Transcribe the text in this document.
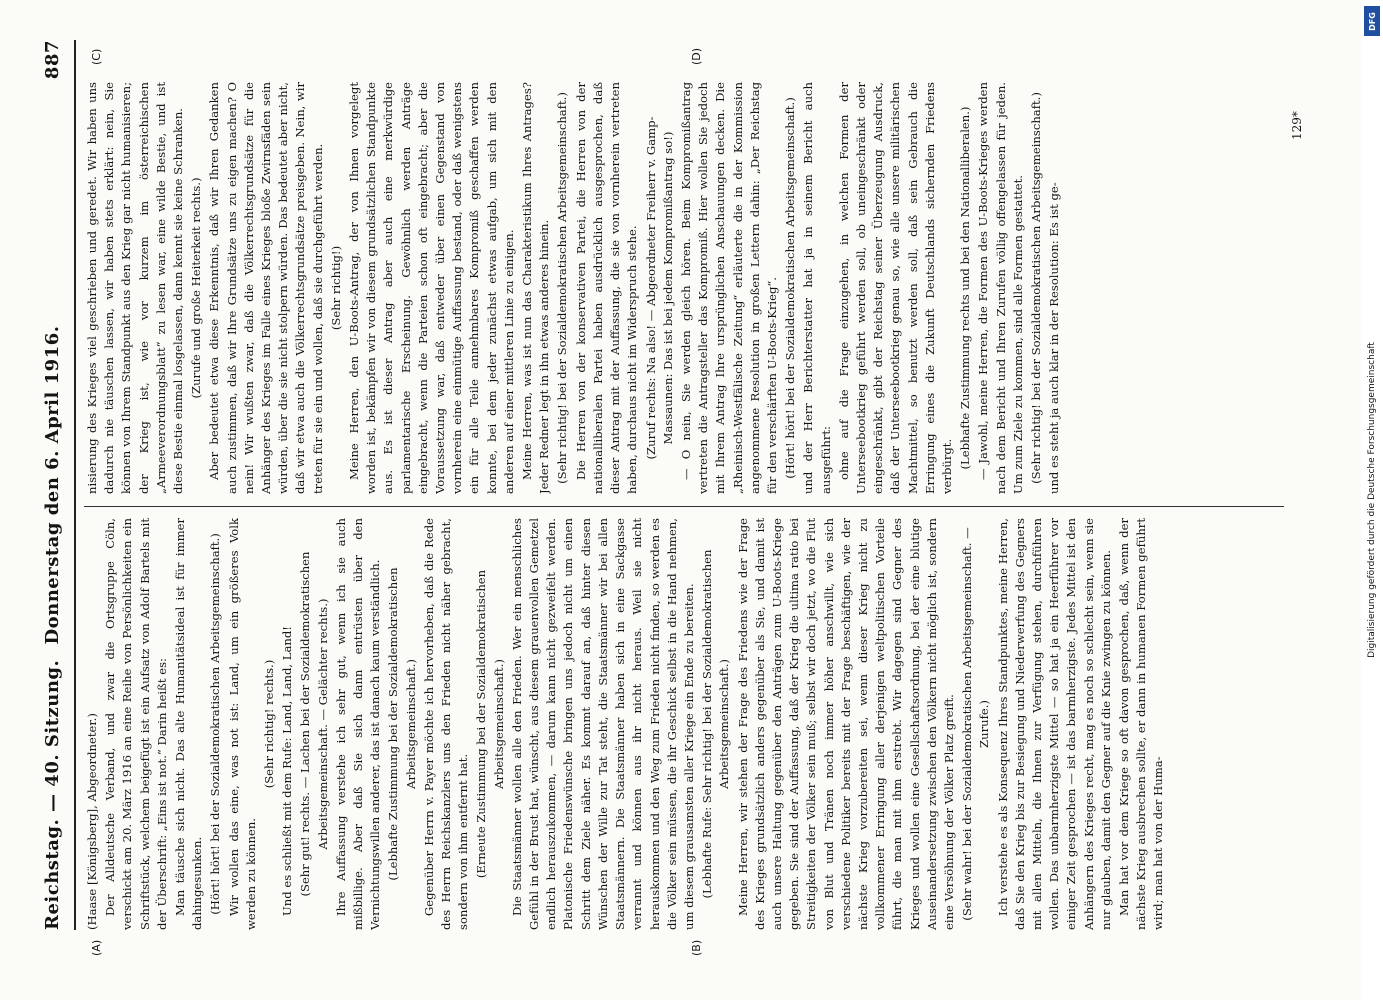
Reichstag. — 40. Sitzung.
Donnerstag den 6. April 1916.
887
(A)	(B)
(C)	(D)

(Haase [Königsberg], Abgeordneter.) Der Alldeutsche Verband, und zwar die Ortsgruppe Cöln, verschickt am 20. März 1916 an eine Reihe von Persönlichkeiten ein Schriftstück, welchem beigefügt ist ein Aufsatz von Adolf Bartels mit der Überschrift: „Eins ist not.“ Darin heißt es: Man täusche sich nicht. Das alte Humanitätsideal ist für immer dahingesunken. (Hört! hört! bei der Sozialdemokratischen Arbeitsgemeinschaft.) Wir wollen das eine, was not ist: Land, um ein größeres Volk werden zu können.

(Sehr richtig! rechts.) Und es schließt mit dem Rufe: Land, Land, Land! (Sehr gut! rechts. — Lachen bei der Sozialdemokratischen Arbeitsgemeinschaft. — Gelächter rechts.) Ihre Auffassung verstehe ich sehr gut, wenn ich sie auch mißbillige. Aber daß Sie sich dann entrüsten über den Vernichtungswillen anderer, das ist danach kaum verständlich. (Lebhafte Zustimmung bei der Sozialdemokratischen Arbeitsgemeinschaft.) Gegenüber Herrn v. Payer möchte ich hervorheben, daß die Rede des Herrn Reichskanzlers uns den Frieden nicht näher gebracht, sondern von ihm entfernt hat. (Erneute Zustimmung bei der Sozialdemokratischen Arbeitsgemeinschaft.) Die Staatsmänner wollen alle den Frieden. Wer ein menschliches Gefühl in der Brust hat, wünscht, aus diesem grauenvollen Gemetzel endlich herauszukommen, — darum kann nicht gezweifelt werden. Platonische Friedenswünsche bringen uns jedoch nicht um einen Schritt dem Ziele näher. Es kommt darauf an, daß hinter diesen Wünschen der Wille zur Tat steht, die Staatsmänner wir bei allen Staatsmännern. Die Staatsmänner haben sich in eine Sackgasse verrannt und können aus ihr nicht heraus. Weil sie nicht herauskommen und den Weg zum Frieden nicht finden, so werden es die Völker sein müssen, die ihr Geschick selbst in die Hand nehmen, um diesem grausamsten aller Kriege ein Ende zu bereiten. (Lebhafte Rufe: Sehr richtig! bei der Sozialdemokratischen Arbeitsgemeinschaft.) Meine Herren, wir stehen der Frage des Friedens wie der Frage des Krieges grundsätzlich anders gegenüber als Sie, und damit ist auch unsere Haltung gegenüber den Anträgen zum U-Boots-Kriege gegeben. Sie sind der Auffassung, daß der Krieg die ultima ratio bei Streitigkeiten der Völker sein muß; selbst wir doch jetzt, wo die Flut von Blut und Tränen noch immer höher anschwillt, wie sich verschiedene Politiker bereits mit der Frage beschäftigen, wie der nächste Krieg vorzubereiten sei, wenn dieser Krieg nicht zu vollkommener Erringung aller derjenigen weltpolitischen Vorteile führt, die man mit ihm erstrebt. Wir dagegen sind Gegner des Krieges und wollen eine Gesellschaftsordnung, bei der eine blutige Auseinandersetzung zwischen den Völkern nicht möglich ist, sondern eine Versöhnung der Völker Platz greift. (Sehr wahr! bei der Sozialdemokratischen Arbeitsgemeinschaft. — Zurufe.) Ich verstehe es als Konsequenz Ihres Standpunktes, meine Herren, daß Sie den Krieg bis zur Besiegung und Niederwerfung des Gegners mit allen Mitteln, die Ihnen zur Verfügung stehen, durchführen wollen. Das unbarmherzigste Mittel — so hat ja ein Heerführer vor einiger Zeit gesprochen — ist das barmherzigste. Jedes Mittel ist den Anhängern des Krieges recht, mag es noch so schlecht sein, wenn sie nur glauben, damit den Gegner auf die Knie zwingen zu können. Man hat vor dem Kriege so oft davon gesprochen, daß, wenn der nächste Krieg ausbrechen sollte, er dann in humanen Formen geführt wird; man hat von der Huma-

nisierung des Krieges viel geschrieben und geredet. Wir haben uns dadurch nie täuschen lassen, wir haben stets erklärt: nein, Sie können von Ihrem Standpunkt aus den Krieg gar nicht humanisieren; der Krieg ist, wie vor kurzem im österreichischen „Armeeverordnungsblatt“ zu lesen war, eine wilde Bestie, und ist diese Bestie einmal losgelassen, dann kennt sie keine Schranken. (Zurufe und große Heiterkeit rechts.) Aber bedeutet etwa diese Erkenntnis, daß wir Ihren Gedanken auch zustimmen, daß wir Ihre Grundsätze uns zu eigen machen? O nein! Wir wußten zwar, daß die Völkerrechtsgrundsätze für die Anhänger des Krieges im Falle eines Krieges bloße Zwirnsfäden sein würden, über die sie nicht stolpern würden. Das bedeutet aber nicht, daß wir etwa auch die Völkerrechtsgrundsätze preisgeben. Nein, wir treten für sie ein und wollen, daß sie durchgeführt werden. (Sehr richtig!) Meine Herren, den U-Boots-Antrag, der von Ihnen vorgelegt worden ist, bekämpfen wir von diesem grundsätzlichen Standpunkte aus. Es ist dieser Antrag aber auch eine merkwürdige parlamentarische Erscheinung. Gewöhnlich werden Anträge eingebracht, wenn die Parteien schon oft eingebracht; aber die Voraussetzung war, daß entweder über einen Gegenstand von vornherein eine einmütige Auffassung bestand, oder daß wenigstens ein für alle Teile annehmbares Kompromiß geschaffen werden konnte, bei dem jeder zunächst etwas aufgab, um sich mit den anderen auf einer mittleren Linie zu einigen. Meine Herren, was ist nun das Charakteristikum Ihres Antrages? Jeder Redner legt in ihn etwas anderes hinein. (Sehr richtig! bei der Sozialdemokratischen Arbeitsgemeinschaft.) Die Herren von der konservativen Partei, die Herren von der nationalliberalen Partei haben ausdrücklich ausgesprochen, daß dieser Antrag mit der Auffassung, die sie von vornherein vertreten haben, durchaus nicht im Widerspruch stehe. (Zuruf rechts: Na also! — Abgeordneter Freiherr v. Gamp-Massaunen: Das ist bei jedem Kompromißantrag so!) — O nein, Sie werden gleich hören. Beim Kompromißantrag vertreten die Antragsteller das Kompromiß. Hier wollen Sie jedoch mit Ihrem Antrag Ihre ursprünglichen Anschauungen decken. Die „Rheinisch-Westfälische Zeitung“ erläuterte die in der Kommission angenommene Resolution in großen Lettern dahin: „Der Reichstag für den verschärften U-Boots-Krieg“. (Hört! hört! bei der Sozialdemokratischen Arbeitsgemeinschaft.) und der Herr Berichterstatter hat ja in seinem Bericht auch ausgeführt: ohne auf die Frage einzugehen, in welchen Formen der Unterseebootkrieg geführt werden soll, ob uneingeschränkt oder eingeschränkt, gibt der Reichstag seiner Überzeugung Ausdruck, daß der Unterseebootkrieg genau so, wie alle unsere militärischen Machtmittel, so benutzt werden soll, daß sein Gebrauch die Erringung eines die Zukunft Deutschlands sichernden Friedens verbürgt. (Lebhafte Zustimmung rechts und bei den Nationalliberalen.) — Jawohl, meine Herren, die Formen des U-Boots-Krieges werden nach dem Bericht und Ihren Zurufen völlig offengelassen für jeden. Um zum Ziele zu kommen, sind alle Formen gestattet. (Sehr richtig! bei der Sozialdemokratischen Arbeitsgemeinschaft.) und es steht ja auch klar in der Resolution: Es ist ge-

129*
DFG
Digitalisierung gefördert durch die Deutsche Forschungsgemeinschaft
